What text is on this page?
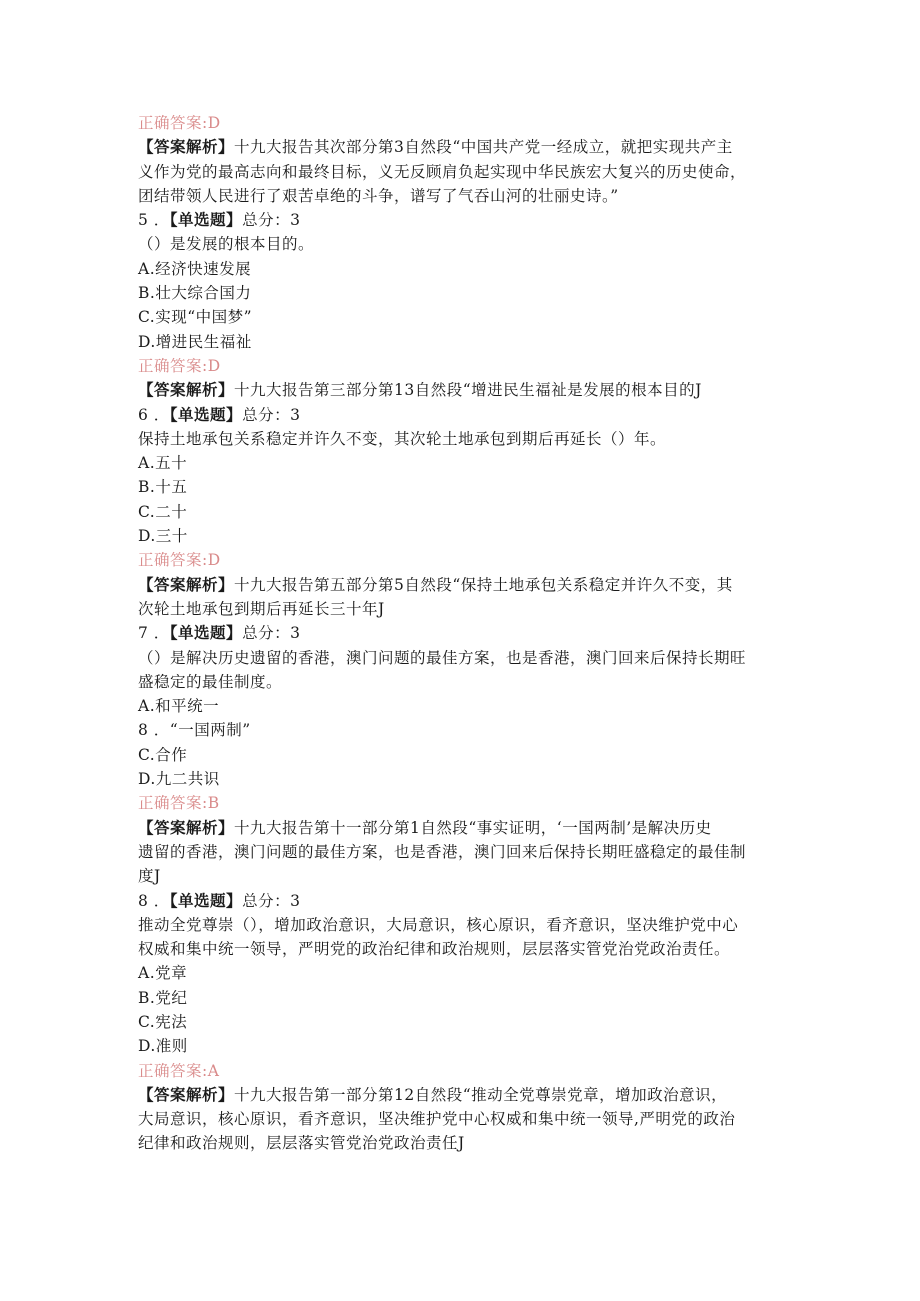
正确答案:D
【答案解析】十九大报告其次部分第3自然段“中国共产党一经成立，就把实现共产主
义作为党的最高志向和最终目标，义无反顾肩负起实现中华民族宏大复兴的历史使命，
团结带领人民进行了艰苦卓绝的斗争，谱写了气吞山河的壮丽史诗。”
5 ．【单选题】总分：3
（）是发展的根本目的。
A.经济快速发展
B.壮大综合国力
C.实现“中国梦”
D.增进民生福祉
正确答案:D
【答案解析】十九大报告第三部分第13自然段“增进民生福祉是发展的根本目的J
6 ．【单选题】总分：3
保持土地承包关系稳定并许久不变，其次轮土地承包到期后再延长（）年。
A.五十
B.十五
C.二十
D.三十
正确答案:D
【答案解析】十九大报告第五部分第5自然段“保持土地承包关系稳定并许久不变，其
次轮土地承包到期后再延长三十年J
7 ．【单选题】总分：3
（）是解决历史遗留的香港，澳门问题的最佳方案，也是香港，澳门回来后保持长期旺
盛稳定的最佳制度。
A.和平统一
8 ．“一国两制”
C.合作
D.九二共识
正确答案:B
【答案解析】十九大报告第十一部分第1自然段“事实证明，‘一国两制’是解决历史
遗留的香港，澳门问题的最佳方案，也是香港，澳门回来后保持长期旺盛稳定的最佳制
度J
8 ．【单选题】总分：3
推动全党尊崇（），增加政治意识，大局意识，核心原识，看齐意识，坚决维护党中心
权威和集中统一领导，严明党的政治纪律和政治规则，层层落实管党治党政治责任。
A.党章
B.党纪
C.宪法
D.准则
正确答案:A
【答案解析】十九大报告第一部分第12自然段“推动全党尊崇党章，增加政治意识，
大局意识，核心原识，看齐意识，坚决维护党中心权威和集中统一领导,严明党的政治
纪律和政治规则，层层落实管党治党政治责任J
